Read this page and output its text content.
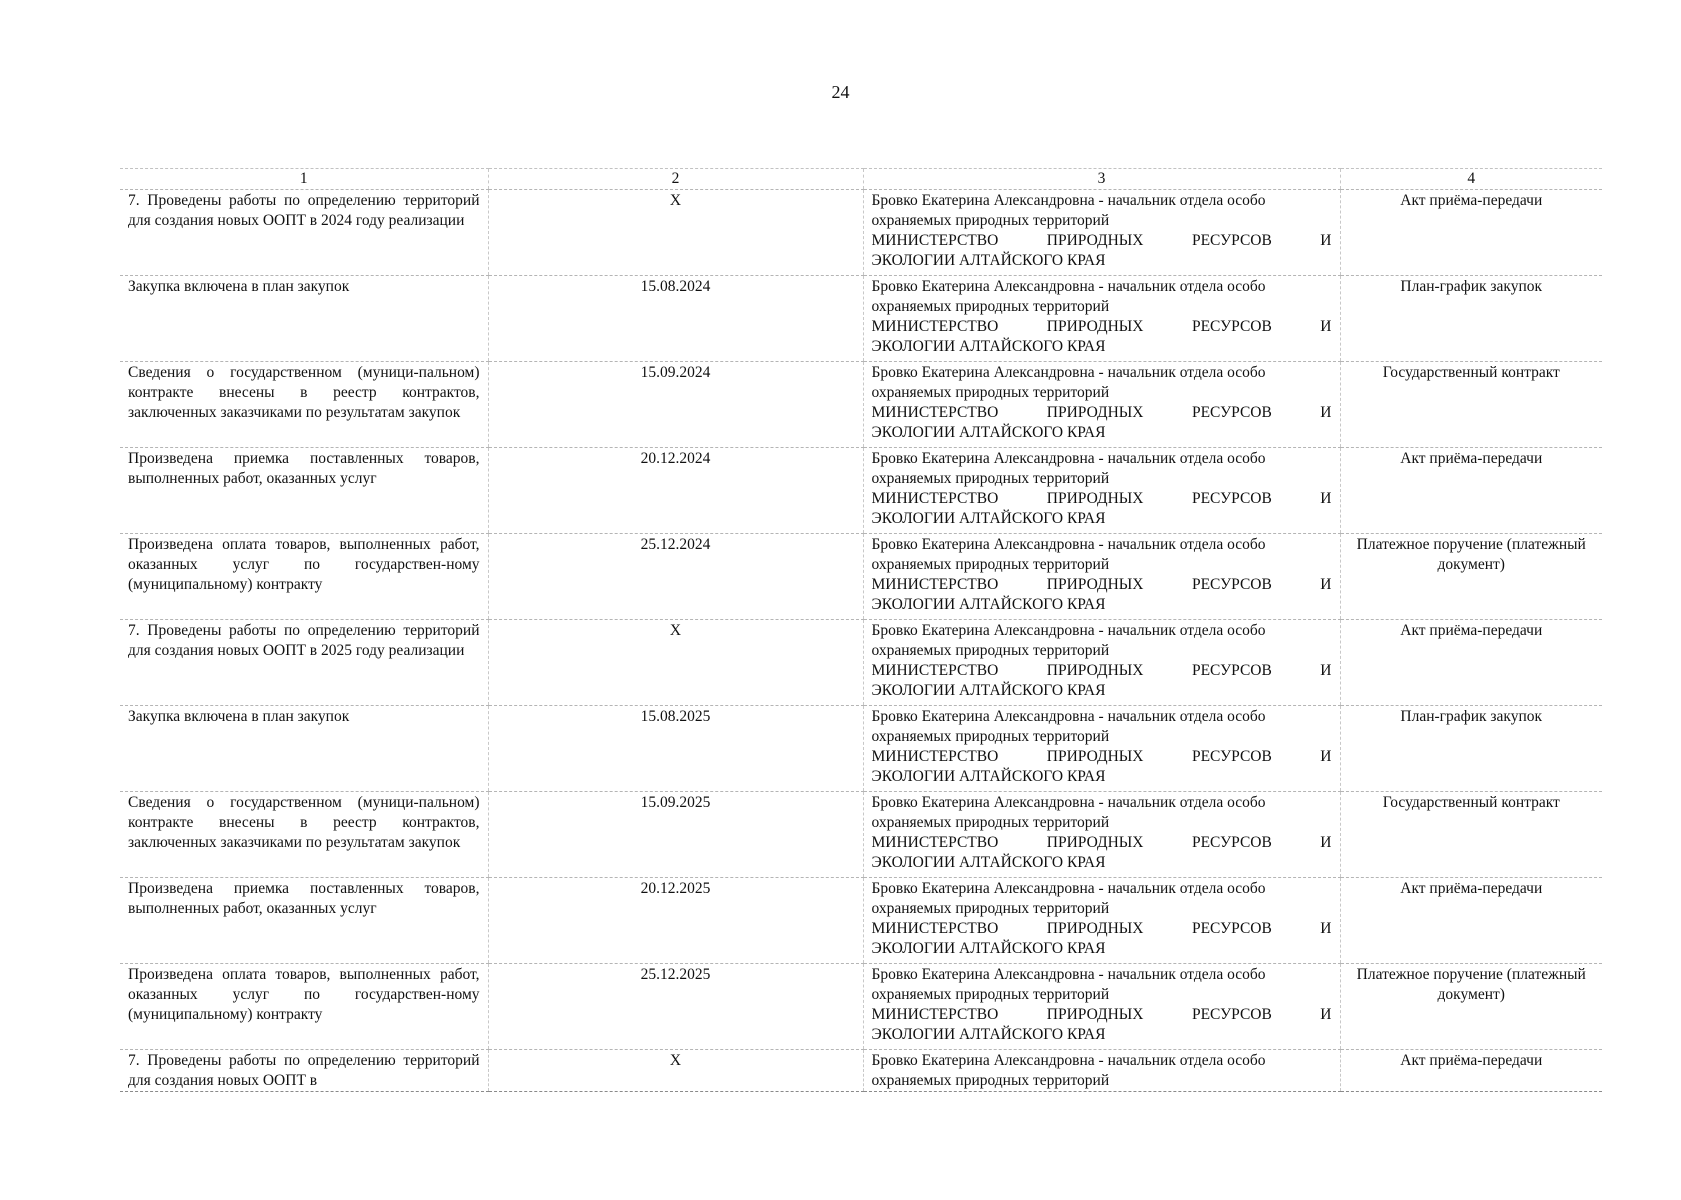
24
1	2	3	4
7. Проведены работы по определению территорий для создания новых ООПТ в 2024 году реализации	X	Бровко Екатерина Александровна - начальник отдела особо охраняемых природных территорий
МИНИСТЕРСТВО ПРИРОДНЫХ РЕСУРСОВ И
ЭКОЛОГИИ АЛТАЙСКОГО КРАЯ	Акт приёма-передачи
Закупка включена в план закупок	15.08.2024	Бровко Екатерина Александровна - начальник отдела особо охраняемых природных территорий
МИНИСТЕРСТВО ПРИРОДНЫХ РЕСУРСОВ И
ЭКОЛОГИИ АЛТАЙСКОГО КРАЯ	План-график закупок
Сведения о государственном (муници-пальном) контракте внесены в реестр контрактов, заключенных заказчиками по результатам закупок	15.09.2024	Бровко Екатерина Александровна - начальник отдела особо охраняемых природных территорий
МИНИСТЕРСТВО ПРИРОДНЫХ РЕСУРСОВ И
ЭКОЛОГИИ АЛТАЙСКОГО КРАЯ	Государственный контракт
Произведена приемка поставленных товаров, выполненных работ, оказанных услуг	20.12.2024	Бровко Екатерина Александровна - начальник отдела особо охраняемых природных территорий
МИНИСТЕРСТВО ПРИРОДНЫХ РЕСУРСОВ И
ЭКОЛОГИИ АЛТАЙСКОГО КРАЯ	Акт приёма-передачи
Произведена оплата товаров, выполненных работ, оказанных услуг по государствен-ному (муниципальному) контракту	25.12.2024	Бровко Екатерина Александровна - начальник отдела особо охраняемых природных территорий
МИНИСТЕРСТВО ПРИРОДНЫХ РЕСУРСОВ И
ЭКОЛОГИИ АЛТАЙСКОГО КРАЯ	Платежное поручение (платежный документ)
7. Проведены работы по определению территорий для создания новых ООПТ в 2025 году реализации	X	Бровко Екатерина Александровна - начальник отдела особо охраняемых природных территорий
МИНИСТЕРСТВО ПРИРОДНЫХ РЕСУРСОВ И
ЭКОЛОГИИ АЛТАЙСКОГО КРАЯ	Акт приёма-передачи
Закупка включена в план закупок	15.08.2025	Бровко Екатерина Александровна - начальник отдела особо охраняемых природных территорий
МИНИСТЕРСТВО ПРИРОДНЫХ РЕСУРСОВ И
ЭКОЛОГИИ АЛТАЙСКОГО КРАЯ	План-график закупок
Сведения о государственном (муници-пальном) контракте внесены в реестр контрактов, заключенных заказчиками по результатам закупок	15.09.2025	Бровко Екатерина Александровна - начальник отдела особо охраняемых природных территорий
МИНИСТЕРСТВО ПРИРОДНЫХ РЕСУРСОВ И
ЭКОЛОГИИ АЛТАЙСКОГО КРАЯ	Государственный контракт
Произведена приемка поставленных товаров, выполненных работ, оказанных услуг	20.12.2025	Бровко Екатерина Александровна - начальник отдела особо охраняемых природных территорий
МИНИСТЕРСТВО ПРИРОДНЫХ РЕСУРСОВ И
ЭКОЛОГИИ АЛТАЙСКОГО КРАЯ	Акт приёма-передачи
Произведена оплата товаров, выполненных работ, оказанных услуг по государствен-ному (муниципальному) контракту	25.12.2025	Бровко Екатерина Александровна - начальник отдела особо охраняемых природных территорий
МИНИСТЕРСТВО ПРИРОДНЫХ РЕСУРСОВ И
ЭКОЛОГИИ АЛТАЙСКОГО КРАЯ	Платежное поручение (платежный документ)
7. Проведены работы по определению территорий для создания новых ООПТ в	X	Бровко Екатерина Александровна - начальник отдела особо охраняемых природных территорий	Акт приёма-передачи
